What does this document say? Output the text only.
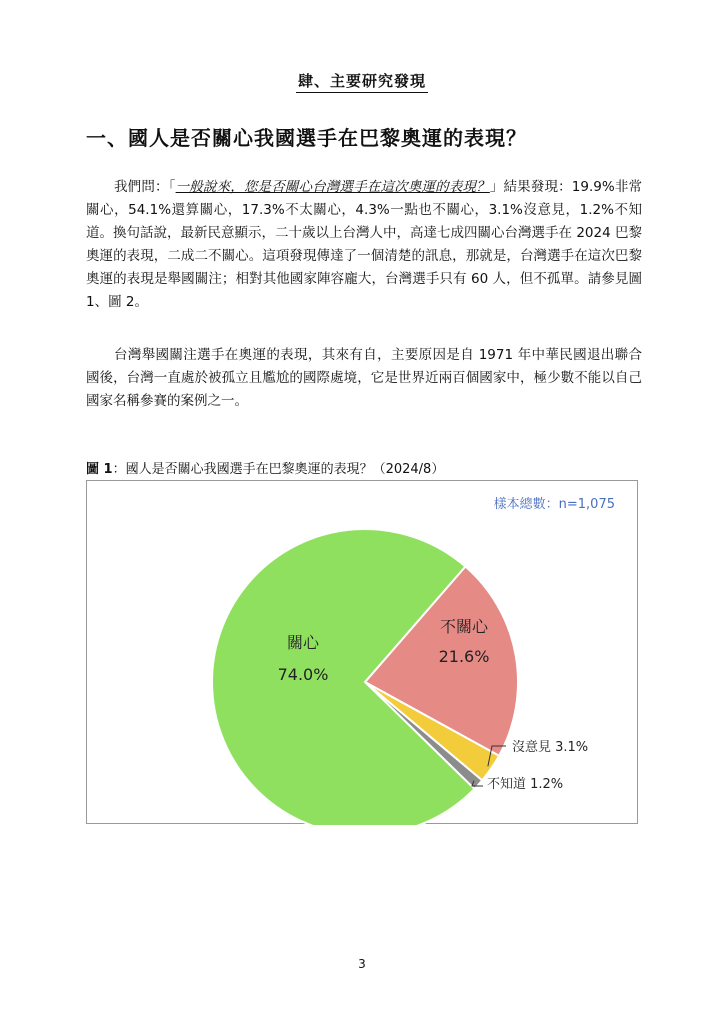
肆、主要研究發現
一、國人是否關心我國選手在巴黎奧運的表現？

我們問：「一般說來，您是否關心台灣選手在這次奧運的表現？」結果發現：19.9%非常關心，54.1%還算關心，17.3%不太關心，4.3%一點也不關心，3.1%沒意見，1.2%不知道。換句話說，最新民意顯示，二十歲以上台灣人中，高達七成四關心台灣選手在 2024 巴黎奧運的表現，二成二不關心。這項發現傳達了一個清楚的訊息，那就是，台灣選手在這次巴黎奧運的表現是舉國關注；相對其他國家陣容龐大，台灣選手只有 60 人，但不孤單。請參見圖 1、圖 2。

台灣舉國關注選手在奧運的表現，其來有自，主要原因是自 1971 年中華民國退出聯合國後，台灣一直處於被孤立且尷尬的國際處境，它是世界近兩百個國家中，極少數不能以自己國家名稱參賽的案例之一。

圖 1：國人是否關心我國選手在巴黎奧運的表現？（2024/8）
樣本總數：n=1,075
不關心
21.6%
關心
74.0%
沒意見 3.1%
不知道 1.2%
3
